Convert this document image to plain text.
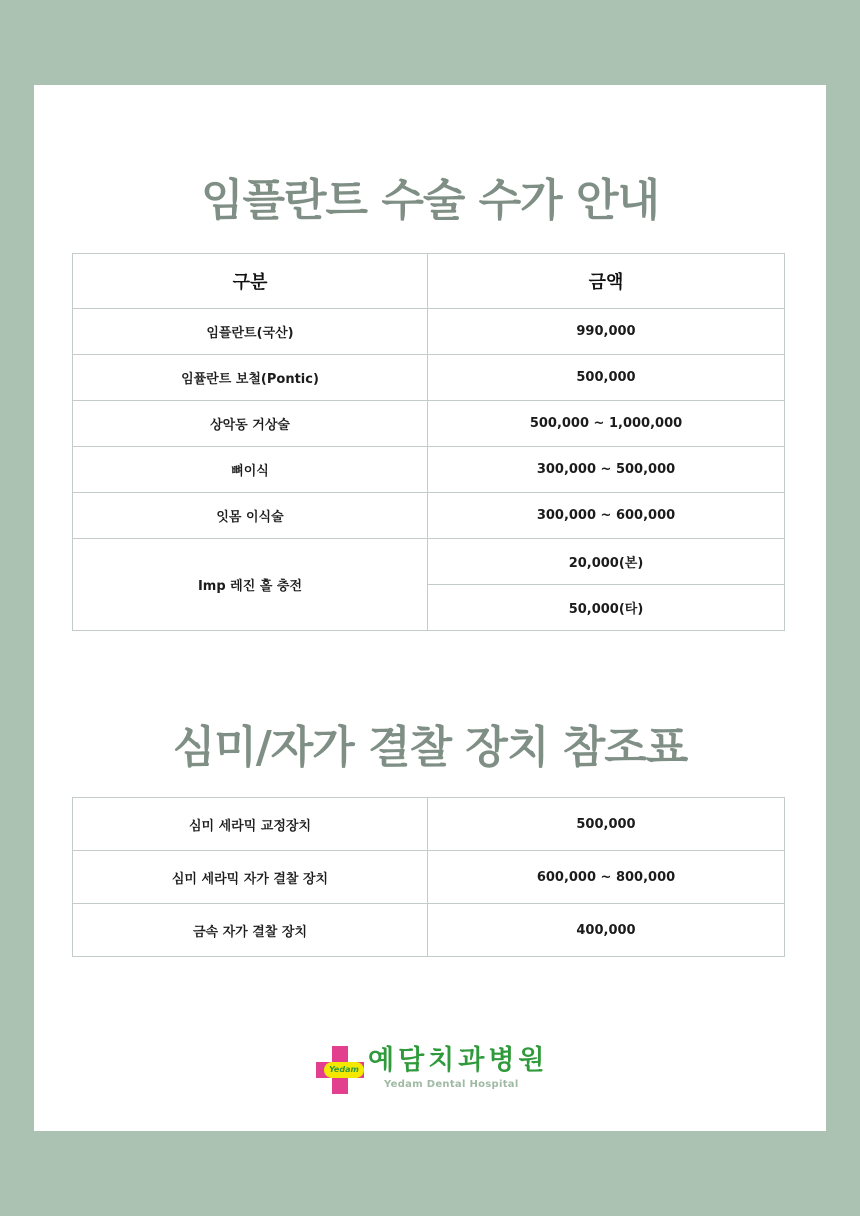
임플란트 수술 수가 안내
구분	금액
임플란트(국산)	990,000
임퓰란트 보철(Pontic)	500,000
상악동 거상술	500,000 ~ 1,000,000
뼈이식	300,000 ~ 500,000
잇몸 이식술	300,000 ~ 600,000
Imp 레진 홀 충전	20,000(본)
	50,000(타)
심미/자가 결찰 장치 참조표
심미 세라믹 교정장치	500,000
심미 세라믹 자가 결찰 장치	600,000 ~ 800,000
금속 자가 결찰 장치	400,000
Yedam 예담치과병원
Yedam Dental Hospital
